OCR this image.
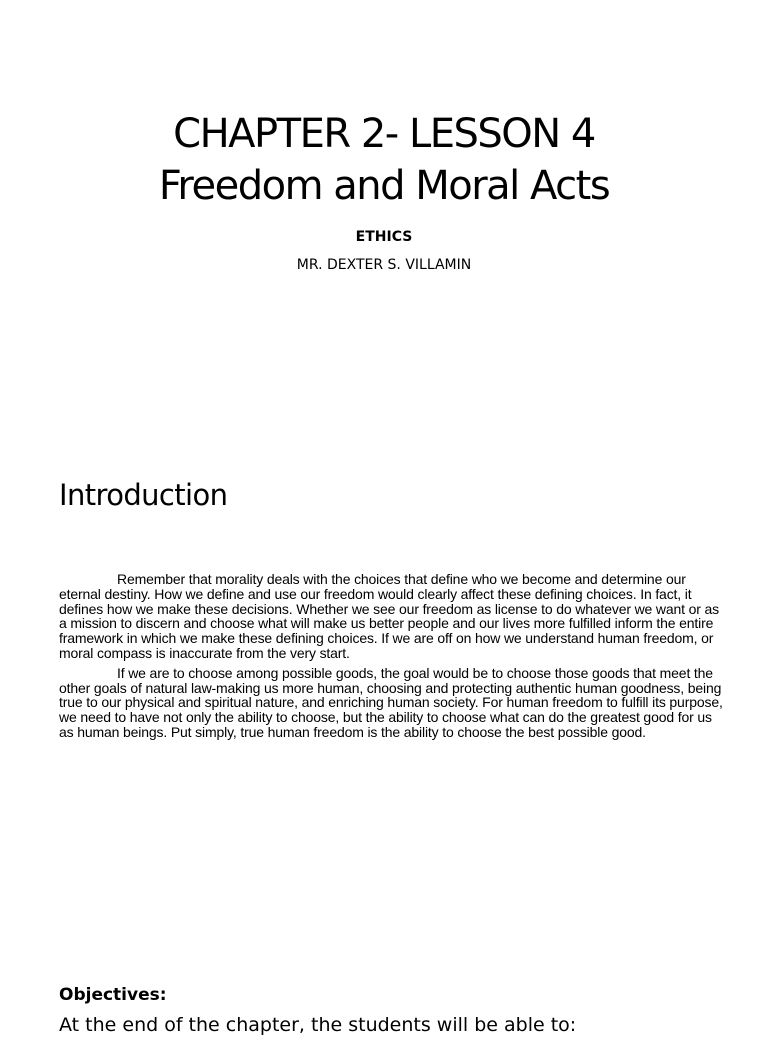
CHAPTER 2- LESSON 4
Freedom and Moral Acts
ETHICS
MR. DEXTER S. VILLAMIN
Introduction

Remember that morality deals with the choices that define who we become and determine our eternal destiny. How we define and use our freedom would clearly affect these defining choices. In fact, it defines how we make these decisions. Whether we see our freedom as license to do whatever we want or as a mission to discern and choose what will make us better people and our lives more fulfilled inform the entire framework in which we make these defining choices. If we are off on how we understand human freedom, or moral compass is inaccurate from the very start.

If we are to choose among possible goods, the goal would be to choose those goods that meet the other goals of natural law-making us more human, choosing and protecting authentic human goodness, being true to our physical and spiritual nature, and enriching human society. For human freedom to fulfill its purpose, we need to have not only the ability to choose, but the ability to choose what can do the greatest good for us as human beings. Put simply, true human freedom is the ability to choose the best possible good.

Objectives:
At the end of the chapter, the students will be able to:
